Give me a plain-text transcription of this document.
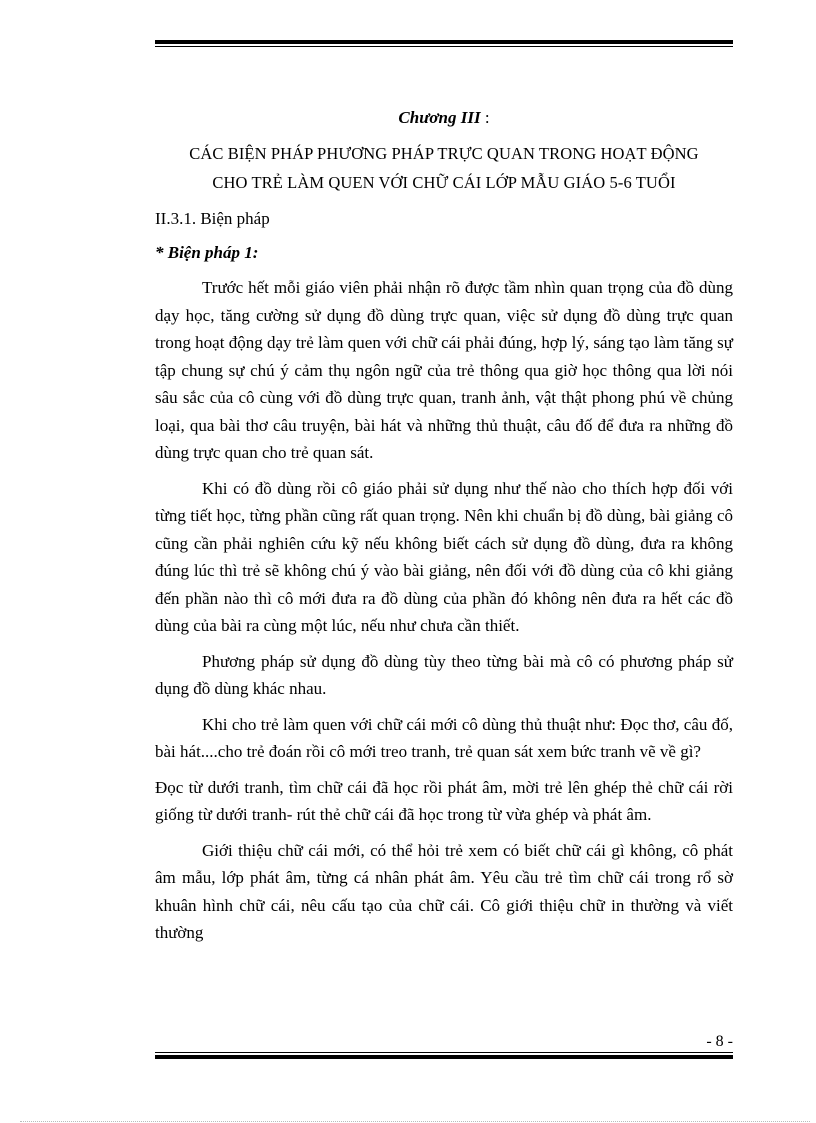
Chương III :
CÁC BIỆN PHÁP PHƯƠNG PHÁP TRỰC QUAN TRONG HOẠT ĐỘNG
CHO TRẺ LÀM QUEN VỚI CHỮ CÁI LỚP MẪU GIÁO 5-6 TUỔI
II.3.1. Biện pháp
* Biện pháp 1:

Trước hết mỗi giáo viên phải nhận rõ được tầm nhìn quan trọng của đồ dùng dạy học, tăng cường sử dụng đồ dùng trực quan, việc sử dụng đồ dùng trực quan trong hoạt động dạy trẻ làm quen với chữ cái phải đúng, hợp lý, sáng tạo làm tăng sự tập chung sự chú ý cảm thụ ngôn ngữ của trẻ thông qua giờ học thông qua lời nói sâu sắc của cô cùng với đồ dùng trực quan, tranh ảnh, vật thật phong phú về chủng loại, qua bài thơ câu truyện, bài hát và những thủ thuật, câu đố để đưa ra những đồ dùng trực quan cho trẻ quan sát.

Khi có đồ dùng rồi cô giáo phải sử dụng như thế nào cho thích hợp đối với từng tiết học, từng phần cũng rất quan trọng. Nên khi chuẩn bị đồ dùng, bài giảng cô cũng cần phải nghiên cứu kỹ nếu không biết cách sử dụng đồ dùng, đưa ra không đúng lúc thì trẻ sẽ không chú ý vào bài giảng, nên đối với đồ dùng của cô khi giảng đến phần nào thì cô mới đưa ra đồ dùng của phần đó không nên đưa ra hết các đồ dùng của bài ra cùng một lúc, nếu như chưa cần thiết.

Phương pháp sử dụng đồ dùng tùy theo từng bài mà cô có phương pháp sử dụng đồ dùng khác nhau.

Khi cho trẻ làm quen với chữ cái mới cô dùng thủ thuật như: Đọc thơ, câu đố, bài hát....cho trẻ đoán rồi cô mới treo tranh, trẻ quan sát xem bức tranh vẽ về gì?

Đọc từ dưới tranh, tìm chữ cái đã học rồi phát âm, mời trẻ lên ghép thẻ chữ cái rời giống từ dưới tranh- rút thẻ chữ cái đã học trong từ vừa ghép và phát âm.

Giới thiệu chữ cái mới, có thể hỏi trẻ xem có biết chữ cái gì không, cô phát âm mẫu, lớp phát âm, từng cá nhân phát âm. Yêu cầu trẻ tìm chữ cái trong rổ sờ khuân hình chữ cái, nêu cấu tạo của chữ cái. Cô giới thiệu chữ in thường và viết thường

- 8 -
